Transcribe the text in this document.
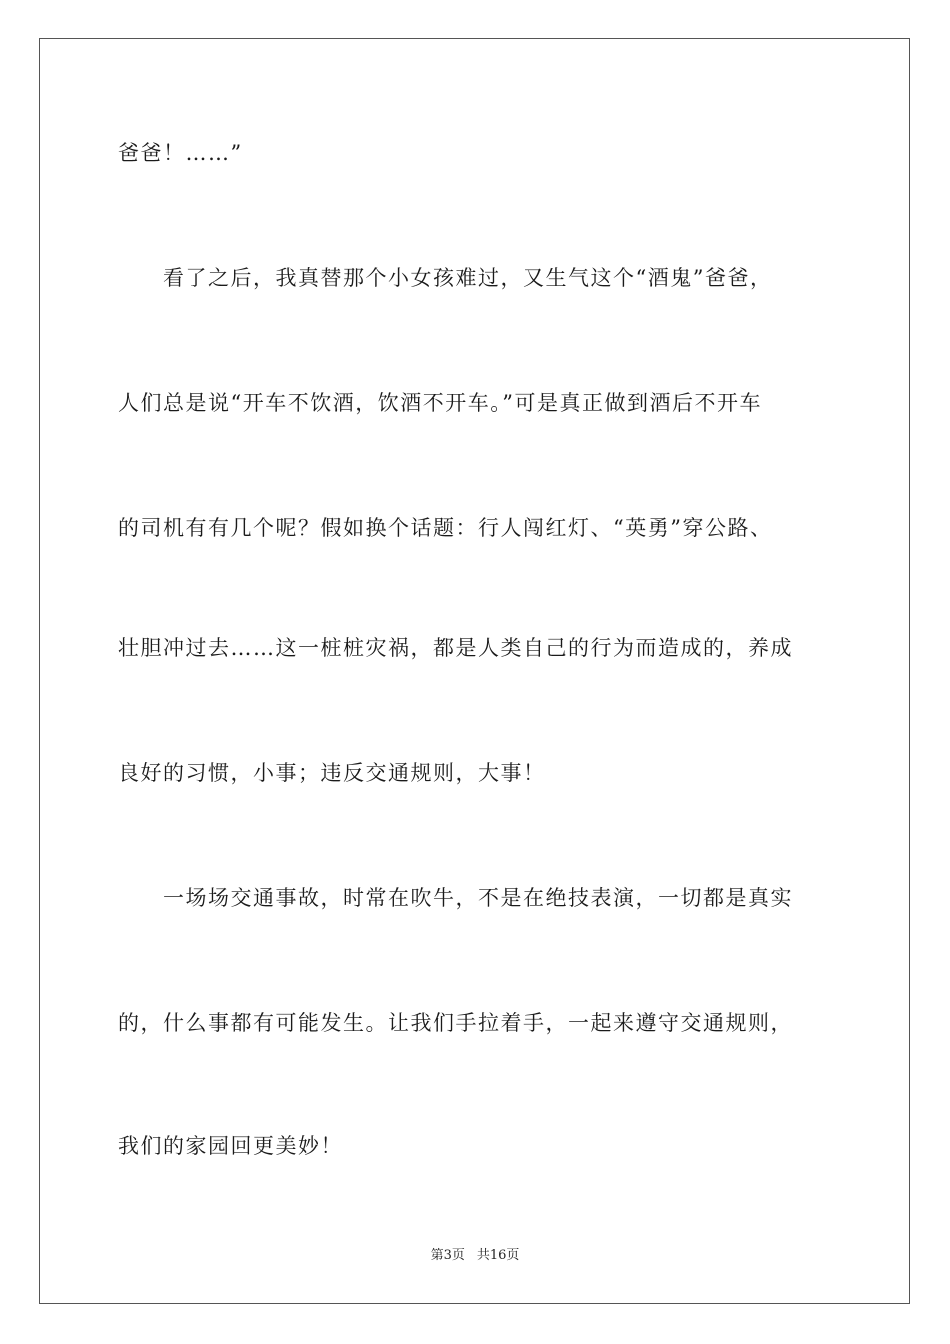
爸爸！……”
看了之后，我真替那个小女孩难过，又生气这个“酒鬼”爸爸，
人们总是说“开车不饮酒，饮酒不开车。”可是真正做到酒后不开车
的司机有有几个呢？假如换个话题：行人闯红灯、“英勇”穿公路、
壮胆冲过去……这一桩桩灾祸，都是人类自己的行为而造成的，养成
良好的习惯，小事；违反交通规则，大事！
一场场交通事故，时常在吹牛，不是在绝技表演，一切都是真实
的，什么事都有可能发生。让我们手拉着手，一起来遵守交通规则，
我们的家园回更美妙！
第3页 共16页
